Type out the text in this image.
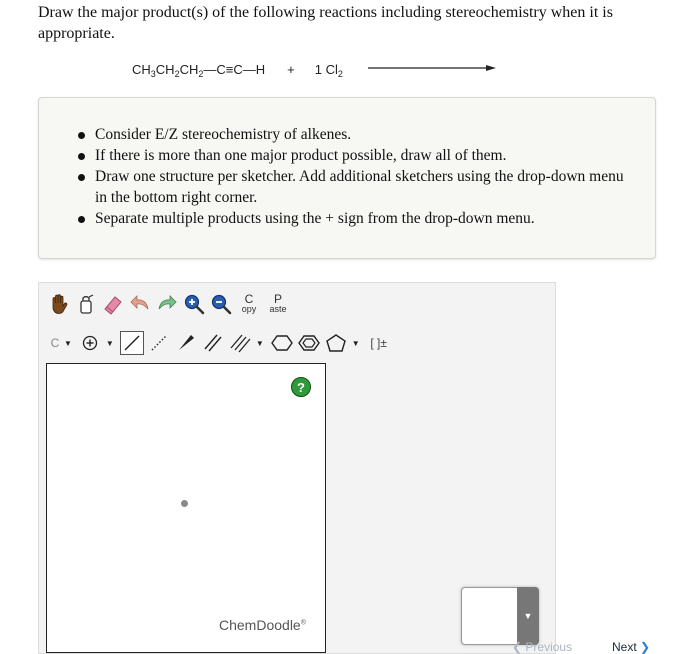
Draw the major product(s) of the following reactions including stereochemistry when it is appropriate.
$CH_3CH_2CH_2—C\equiv C—H + 1$ $Cl_2$
Consider E/Z stereochemistry of alkenes.
If there is more than one major product possible, draw all of them.
Draw one structure per sketcher. Add additional sketchers using the drop-down menu in the bottom right corner.
Separate multiple products using the + sign from the drop-down menu.
C
opy
P
aste
C ▼	▼	▼	▼ [ ]±
?
ChemDoodle®
▼
❮ Previous	Next ❯
